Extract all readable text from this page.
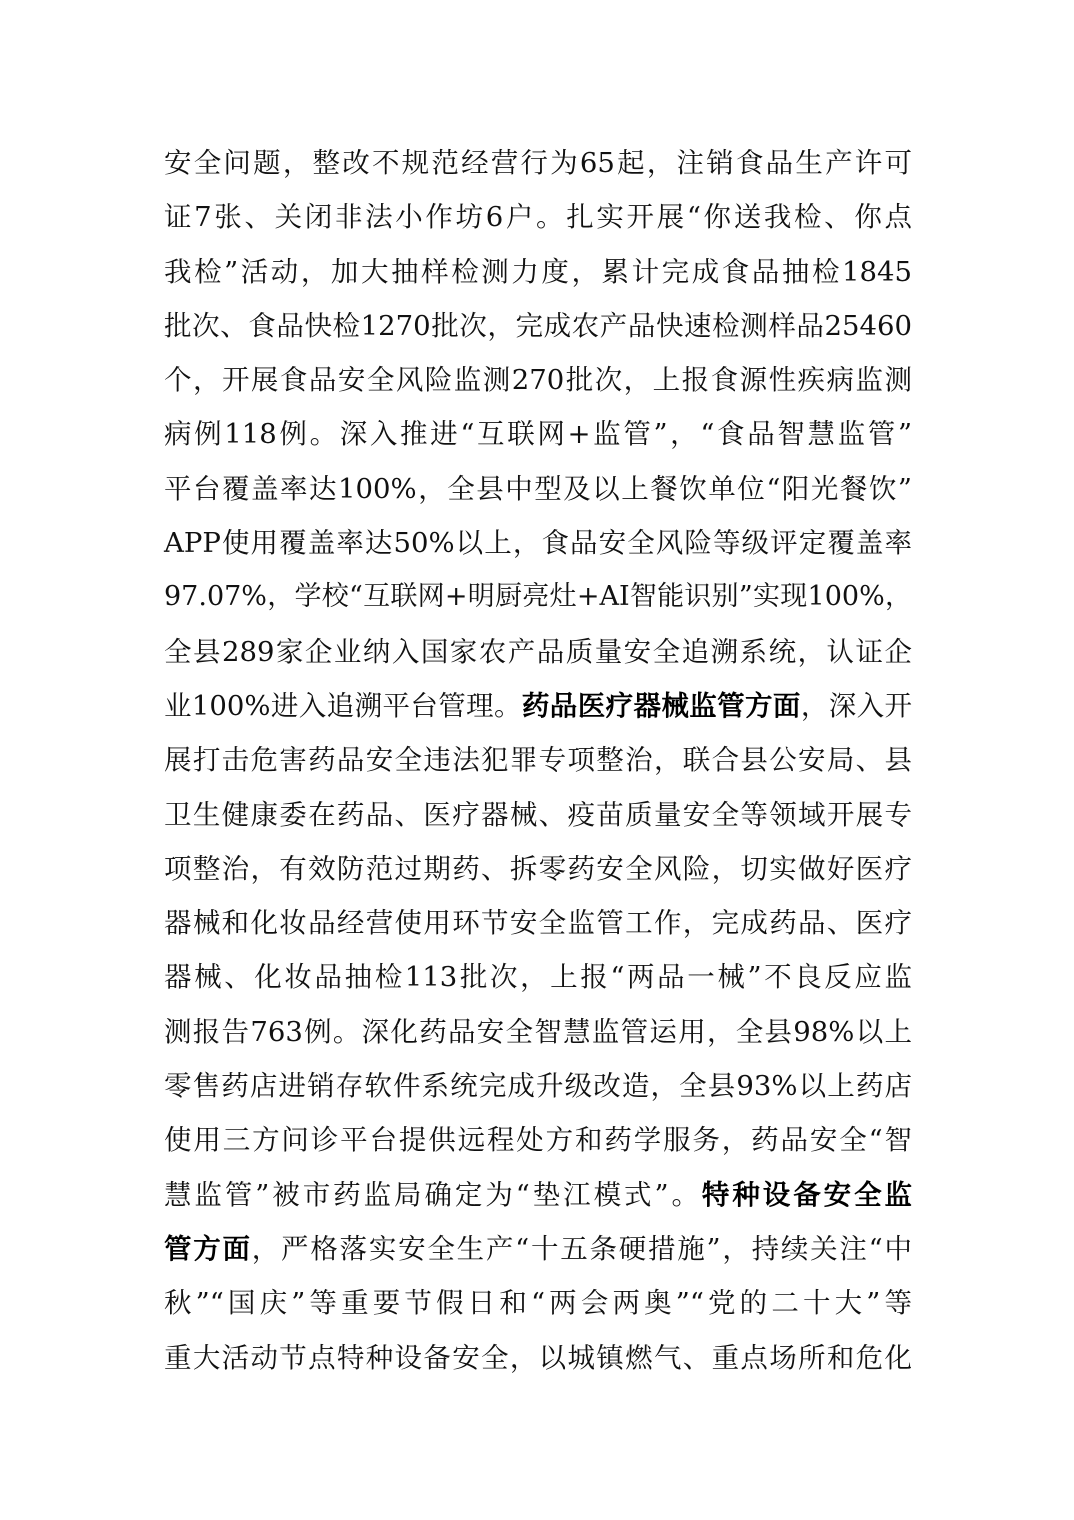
安全问题，整改不规范经营行为65起，注销食品生产许可
证7张、关闭非法小作坊6户。扎实开展“你送我检、你点
我检”活动，加大抽样检测力度，累计完成食品抽检1845
批次、食品快检1270批次，完成农产品快速检测样品25460
个，开展食品安全风险监测270批次，上报食源性疾病监测
病例118例。深入推进“互联网+监管”，“食品智慧监管”
平台覆盖率达100%，全县中型及以上餐饮单位“阳光餐饮”
APP使用覆盖率达50%以上，食品安全风险等级评定覆盖率
97.07%，学校“互联网+明厨亮灶+AI智能识别”实现100%，
全县289家企业纳入国家农产品质量安全追溯系统，认证企
业100%进入追溯平台管理。药品医疗器械监管方面，深入开
展打击危害药品安全违法犯罪专项整治，联合县公安局、县
卫生健康委在药品、医疗器械、疫苗质量安全等领域开展专
项整治，有效防范过期药、拆零药安全风险，切实做好医疗
器械和化妆品经营使用环节安全监管工作，完成药品、医疗
器械、化妆品抽检113批次，上报“两品一械”不良反应监
测报告763例。深化药品安全智慧监管运用，全县98%以上
零售药店进销存软件系统完成升级改造，全县93%以上药店
使用三方问诊平台提供远程处方和药学服务，药品安全“智
慧监管”被市药监局确定为“垫江模式”。特种设备安全监
管方面，严格落实安全生产“十五条硬措施”，持续关注“中
秋”“国庆”等重要节假日和“两会两奥”“党的二十大”等
重大活动节点特种设备安全，以城镇燃气、重点场所和危化
